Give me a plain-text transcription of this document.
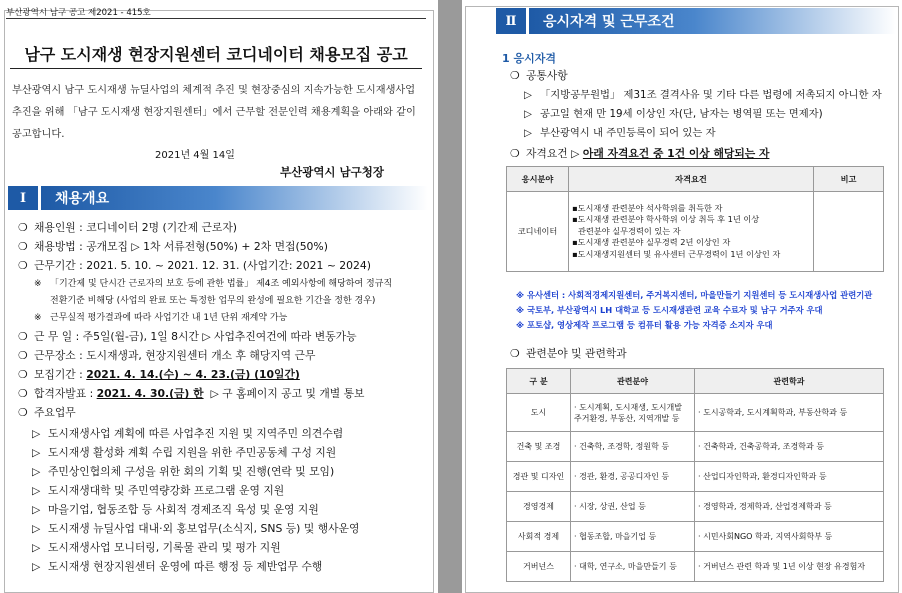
부산광역시 남구 공고 제2021 - 415호
남구 도시재생 현장지원센터 코디네이터 채용모집 공고
부산광역시 남구 도시재생 뉴딜사업의 체계적 추진 및 현장중심의 지속가능한 도시재생사업 추진을 위해 「남구 도시재생 현장지원센터」에서 근무할 전문인력 채용계획을 아래와 같이 공고합니다.
2021년 4월 14일
부산광역시 남구청장
Ⅰ	채용개요
❍ 채용인원 : 코디네이터 2명 (기간제 근로자)
❍ 채용방법 : 공개모집 ▷ 1차 서류전형(50%) + 2차 면접(50%)
❍ 근무기간 : 2021. 5. 10. ~ 2021. 12. 31. (사업기간: 2021 ~ 2024)
※ 「기간제 및 단시간 근로자의 보호 등에 관한 법률」 제4조 예외사항에 해당하여 정규직
전환기준 비해당 (사업의 완료 또는 특정한 업무의 완성에 필요한 기간을 정한 경우)
※ 근무실적 평가결과에 따라 사업기간 내 1년 단위 재계약 가능
❍ 근 무 일 : 주5일(월-금), 1일 8시간 ▷ 사업추진여건에 따라 변동가능
❍ 근무장소 : 도시재생과, 현장지원센터 개소 후 해당지역 근무
❍ 모집기간 : 2021. 4. 14.(수) ~ 4. 23.(금) (10일간)
❍ 합격자발표 : 2021. 4. 30.(금) 한 ▷ 구 홈페이지 공고 및 개별 통보
❍ 주요업무
▷ 도시재생사업 계획에 따른 사업추진 지원 및 지역주민 의견수렴
▷ 도시재생 활성화 계획 수립 지원을 위한 주민공동체 구성 지원
▷ 주민상인협의체 구성을 위한 회의 기획 및 진행(연락 및 모임)
▷ 도시재생대학 및 주민역량강화 프로그램 운영 지원
▷ 마을기업, 협동조합 등 사회적 경제조직 육성 및 운영 지원
▷ 도시재생 뉴딜사업 대내·외 홍보업무(소식지, SNS 등) 및 행사운영
▷ 도시재생사업 모니터링, 기록물 관리 및 평가 지원
▷ 도시재생 현장지원센터 운영에 따른 행정 등 제반업무 수행
Ⅱ	응시자격 및 근무조건
1 응시자격
❍ 공통사항
▷ 「지방공무원법」 제31조 결격사유 및 기타 다른 법령에 저촉되지 아니한 자
▷ 공고일 현재 만 19세 이상인 자(단, 남자는 병역필 또는 면제자)
▷ 부산광역시 내 주민등록이 되어 있는 자
❍ 자격요건 ▷ 아래 자격요건 중 1건 이상 해당되는 자
응시분야	자격요건	비고
코디네이터	▪도시재생 관련분야 석사학위를 취득한 자
▪도시재생 관련분야 학사학위 이상 취득 후 1년 이상
관련분야 실무경력이 있는 자
▪도시재생 관련분야 실무경력 2년 이상인 자
▪도시재생지원센터 및 유사센터 근무경력이 1년 이상인 자	

※ 유사센터 : 사회적경제지원센터, 주거복지센터, 마을만들기 지원센터 등 도시재생사업 관련기관
※ 국토부, 부산광역시 LH 대학교 등 도시재생관련 교육 수료자 및 남구 거주자 우대
※ 포토샵, 영상제작 프로그램 등 컴퓨터 활용 가능 자격증 소지자 우대
❍ 관련분야 및 관련학과
구 분	관련분야	관련학과
도시	· 도시계획, 도시재생, 도시개발 주거환경, 부동산, 지역개발 등	· 도시공학과, 도시계획학과, 부동산학과 등
건축 및 조경	· 건축학, 조경학, 정원학 등	· 건축학과, 건축공학과, 조경학과 등
경관 및 디자인	· 경관, 환경, 공공디자인 등	· 산업디자인학과, 환경디자인학과 등
경영경제	· 시장, 상권, 산업 등	· 경영학과, 경제학과, 산업경제학과 등
사회적 경제	· 협동조합, 마을기업 등	· 시민사회NGO 학과, 지역사회학부 등
거버넌스	· 대학, 연구소, 마을만들기 등	· 거버넌스 관련 학과 및 1년 이상 현장 유경험자
